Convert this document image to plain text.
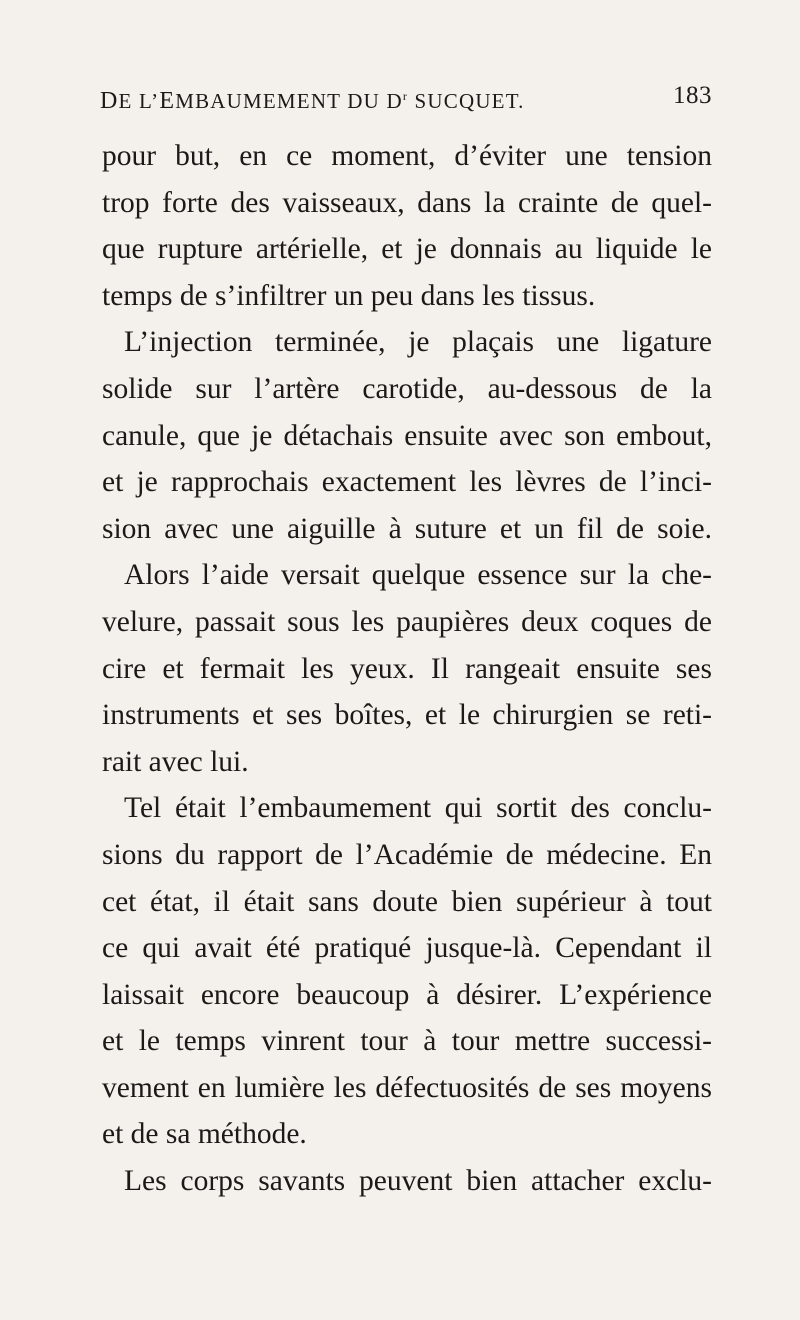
DE L’EMBAUMEMENT DU $D^r$ SUCQUET.	183
pour but, en ce moment, d’éviter une tension
trop forte des vaisseaux, dans la crainte de quel-
que rupture artérielle, et je donnais au liquide le
temps de s’infiltrer un peu dans les tissus.
L’injection terminée, je plaçais une ligature
solide sur l’artère carotide, au-dessous de la
canule, que je détachais ensuite avec son embout,
et je rapprochais exactement les lèvres de l’inci-
sion avec une aiguille à suture et un fil de soie.
Alors l’aide versait quelque essence sur la che-
velure, passait sous les paupières deux coques de
cire et fermait les yeux. Il rangeait ensuite ses
instruments et ses boîtes, et le chirurgien se reti-
rait avec lui.
Tel était l’embaumement qui sortit des conclu-
sions du rapport de l’Académie de médecine. En
cet état, il était sans doute bien supérieur à tout
ce qui avait été pratiqué jusque-là. Cependant il
laissait encore beaucoup à désirer. L’expérience
et le temps vinrent tour à tour mettre successi-
vement en lumière les défectuosités de ses moyens
et de sa méthode.
Les corps savants peuvent bien attacher exclu-
